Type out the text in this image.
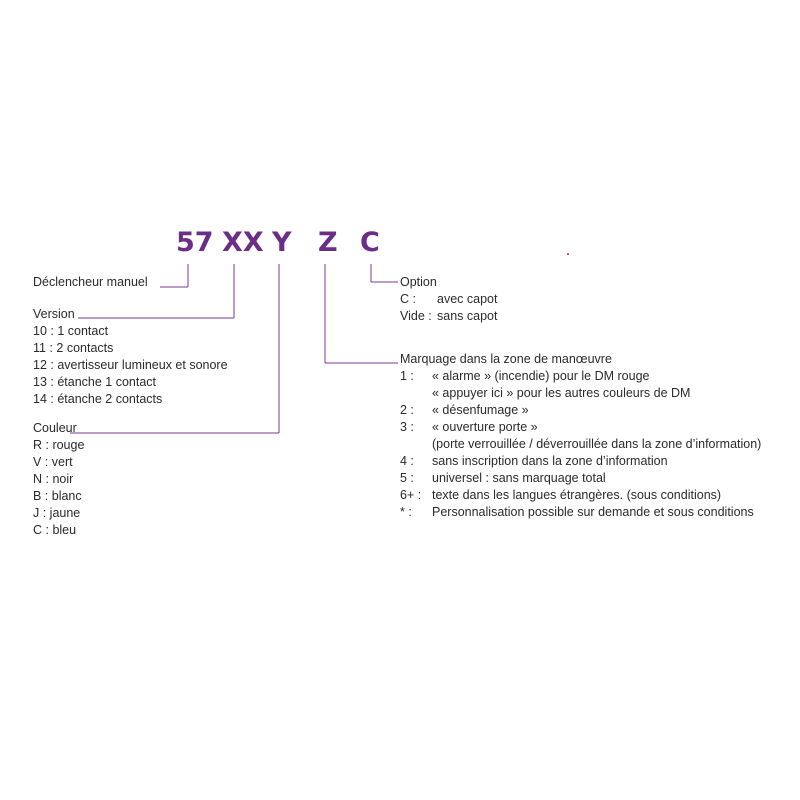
57 XX Y Z C
Déclencheur manuel
Version
10 : 1 contact
11 : 2 contacts
12 : avertisseur lumineux et sonore
13 : étanche 1 contact
14 : étanche 2 contacts
Couleur
R : rouge
V : vert
N : noir
B : blanc
J : jaune
C : bleu
Option
C : avec capot
Vide : sans capot
Marquage dans la zone de manœuvre
1 : « alarme » (incendie) pour le DM rouge
« appuyer ici » pour les autres couleurs de DM
2 : « désenfumage »
3 : « ouverture porte »
(porte verrouillée / déverrouillée dans la zone d’information)
4 : sans inscription dans la zone d’information
5 : universel : sans marquage total
6+ : texte dans les langues étrangères. (sous conditions)
* : Personnalisation possible sur demande et sous conditions
